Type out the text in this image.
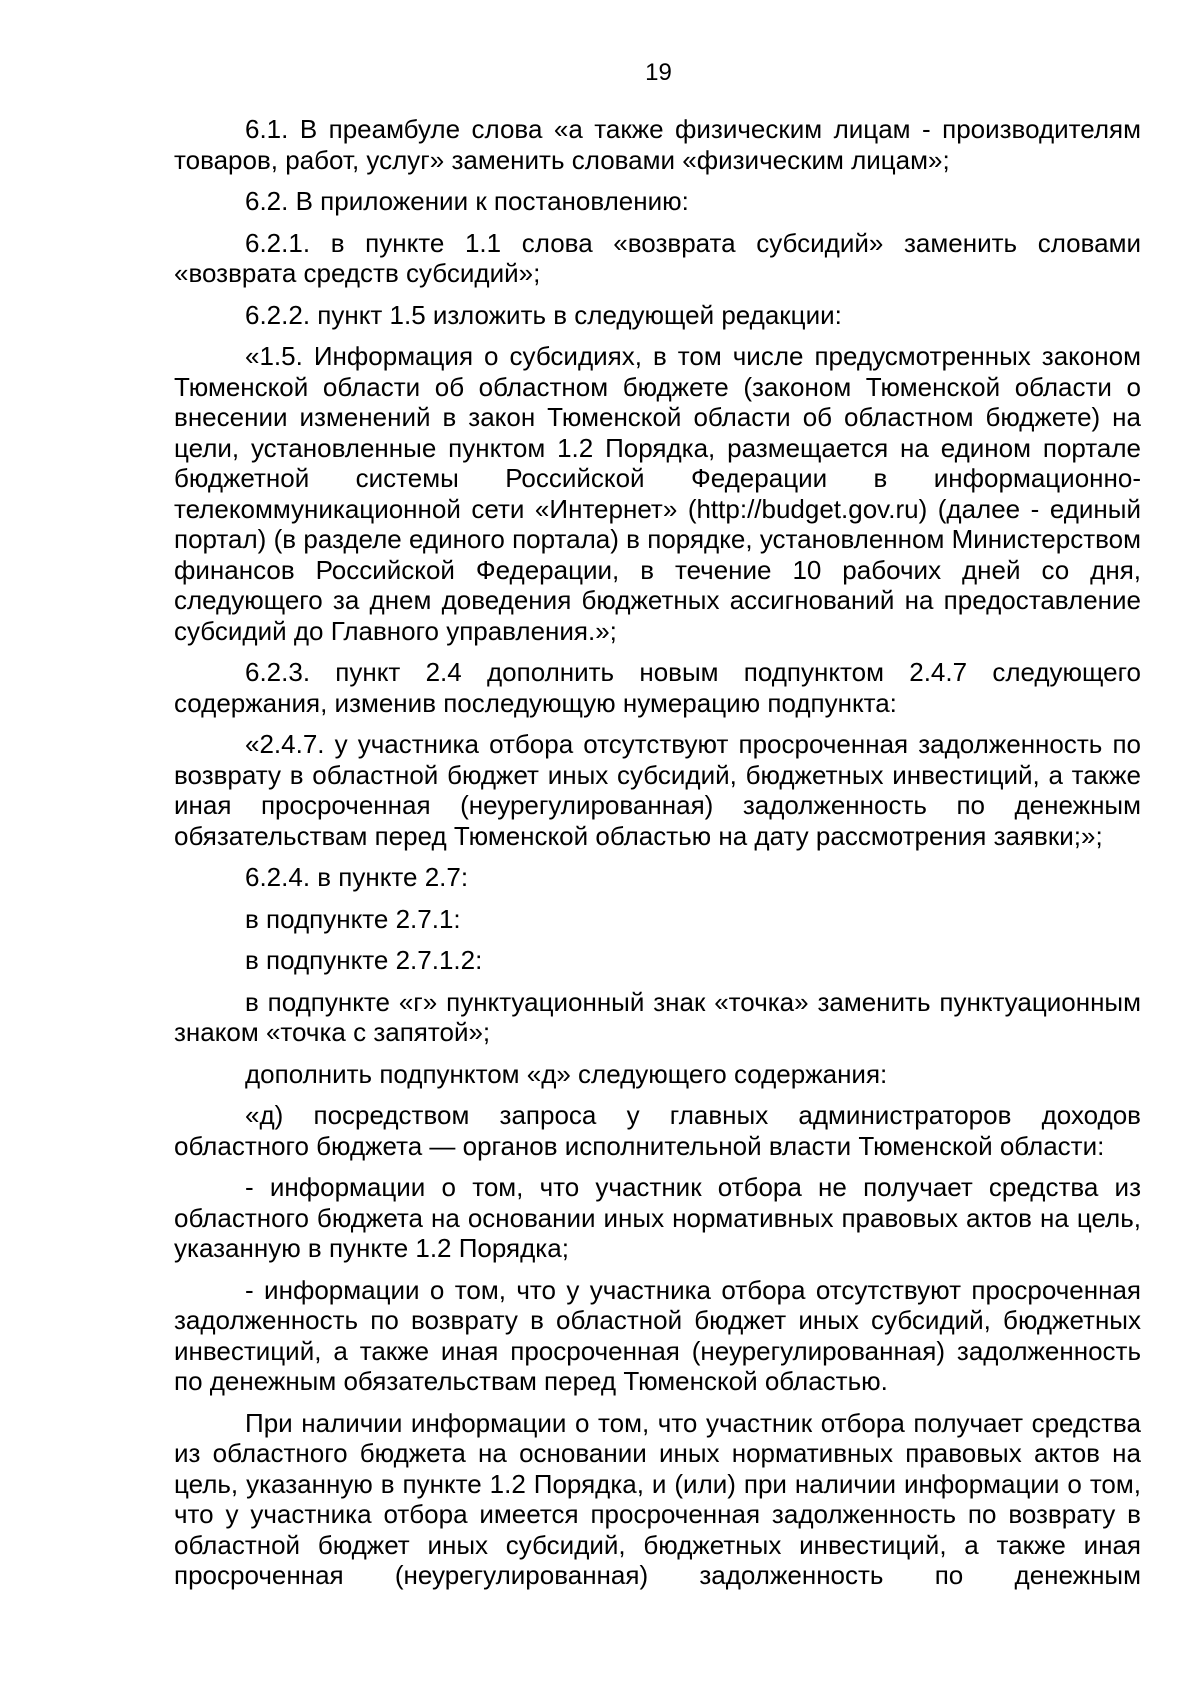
19

6.1. В преамбуле слова «а также физическим лицам - производителям товаров, работ, услуг» заменить словами «физическим лицам»;

6.2. В приложении к постановлению:

6.2.1. в пункте 1.1 слова «возврата субсидий» заменить словами «возврата средств субсидий»;

6.2.2. пункт 1.5 изложить в следующей редакции:

«1.5. Информация о субсидиях, в том числе предусмотренных законом Тюменской области об областном бюджете (законом Тюменской области о внесении изменений в закон Тюменской области об областном бюджете) на цели, установленные пунктом 1.2 Порядка, размещается на едином портале бюджетной системы Российской Федерации в информационно-телекоммуникационной сети «Интернет» (http://budget.gov.ru) (далее - единый портал) (в разделе единого портала) в порядке, установленном Министерством финансов Российской Федерации, в течение 10 рабочих дней со дня, следующего за днем доведения бюджетных ассигнований на предоставление субсидий до Главного управления.»;

6.2.3. пункт 2.4 дополнить новым подпунктом 2.4.7 следующего содержания, изменив последующую нумерацию подпункта:

«2.4.7. у участника отбора отсутствуют просроченная задолженность по возврату в областной бюджет иных субсидий, бюджетных инвестиций, а также иная просроченная (неурегулированная) задолженность по денежным обязательствам перед Тюменской областью на дату рассмотрения заявки;»;

6.2.4. в пункте 2.7:

в подпункте 2.7.1:

в подпункте 2.7.1.2:

в подпункте «г» пунктуационный знак «точка» заменить пунктуационным знаком «точка с запятой»;

дополнить подпунктом «д» следующего содержания:

«д) посредством запроса у главных администраторов доходов областного бюджета — органов исполнительной власти Тюменской области:

- информации о том, что участник отбора не получает средства из областного бюджета на основании иных нормативных правовых актов на цель, указанную в пункте 1.2 Порядка;

- информации о том, что у участника отбора отсутствуют просроченная задолженность по возврату в областной бюджет иных субсидий, бюджетных инвестиций, а также иная просроченная (неурегулированная) задолженность по денежным обязательствам перед Тюменской областью.

При наличии информации о том, что участник отбора получает средства из областного бюджета на основании иных нормативных правовых актов на цель, указанную в пункте 1.2 Порядка, и (или) при наличии информации о том, что у участника отбора имеется просроченная задолженность по возврату в областной бюджет иных субсидий, бюджетных инвестиций, а также иная просроченная (неурегулированная) задолженность по денежным
